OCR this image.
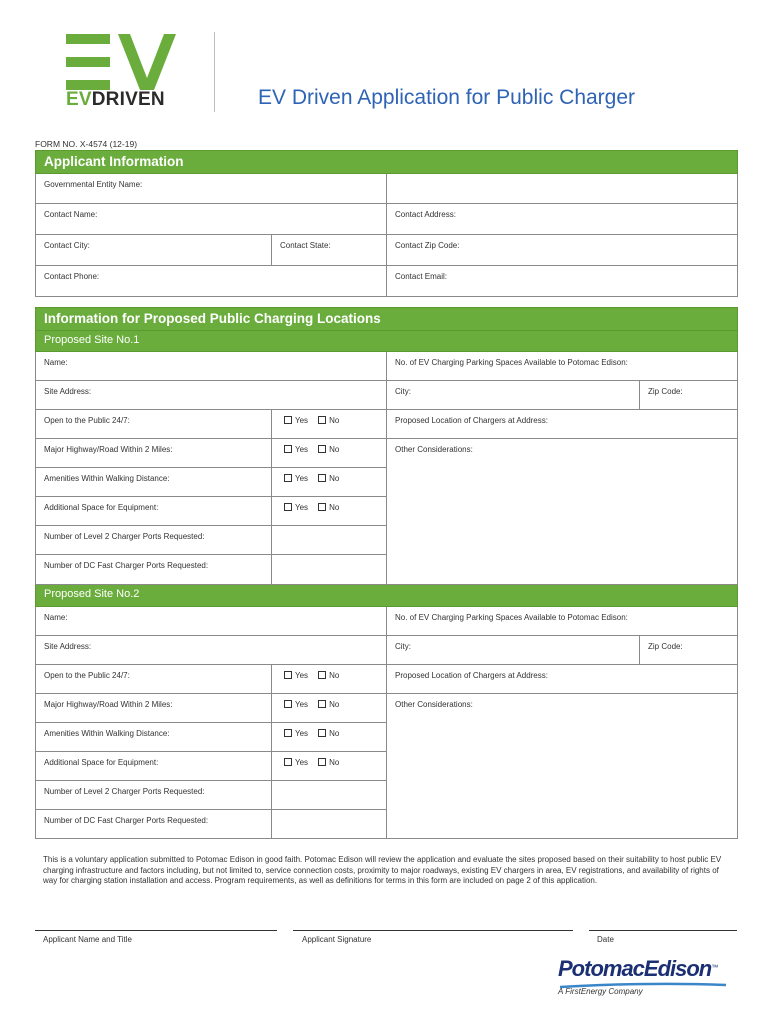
EVDRIVEN	EV Driven Application for Public Charger
FORM NO. X-4574 (12-19)
Applicant Information		
Governmental Entity Name:		
Contact Name:		Contact Address:
Contact City:	Contact State:	Contact Zip Code:
Contact Phone:		Contact Email:
Information for Proposed Public Charging Locations			
Proposed Site No.1			
Name:		No. of EV Charging Parking Spaces Available to Potomac Edison:	
Site Address:		City:	Zip Code:
Open to the Public 24/7:	Yes No	Proposed Location of Chargers at Address:	
Major Highway/Road Within 2 Miles:	Yes No	Other Considerations:	
Amenities Within Walking Distance:	Yes No		
Additional Space for Equipment:	Yes No		
Number of Level 2 Charger Ports Requested:			
Number of DC Fast Charger Ports Requested:			
Proposed Site No.2			
Name:		No. of EV Charging Parking Spaces Available to Potomac Edison:	
Site Address:		City:	Zip Code:
Open to the Public 24/7:	Yes No	Proposed Location of Chargers at Address:	
Major Highway/Road Within 2 Miles:	Yes No	Other Considerations:	
Amenities Within Walking Distance:	Yes No		
Additional Space for Equipment:	Yes No		
Number of Level 2 Charger Ports Requested:			
Number of DC Fast Charger Ports Requested:			
This is a voluntary application submitted to Potomac Edison in good faith. Potomac Edison will review the application and evaluate the sites proposed based on their suitability to host public EV charging infrastructure and factors including, but not limited to, service connection costs, proximity to major roadways, existing EV chargers in area, EV registrations, and availability of rights of way for charging station installation and access. Program requirements, as well as definitions for terms in this form are included on page 2 of this application.
Applicant Name and Title	Applicant Signature	Date
PotomacEdison™
A FirstEnergy Company
